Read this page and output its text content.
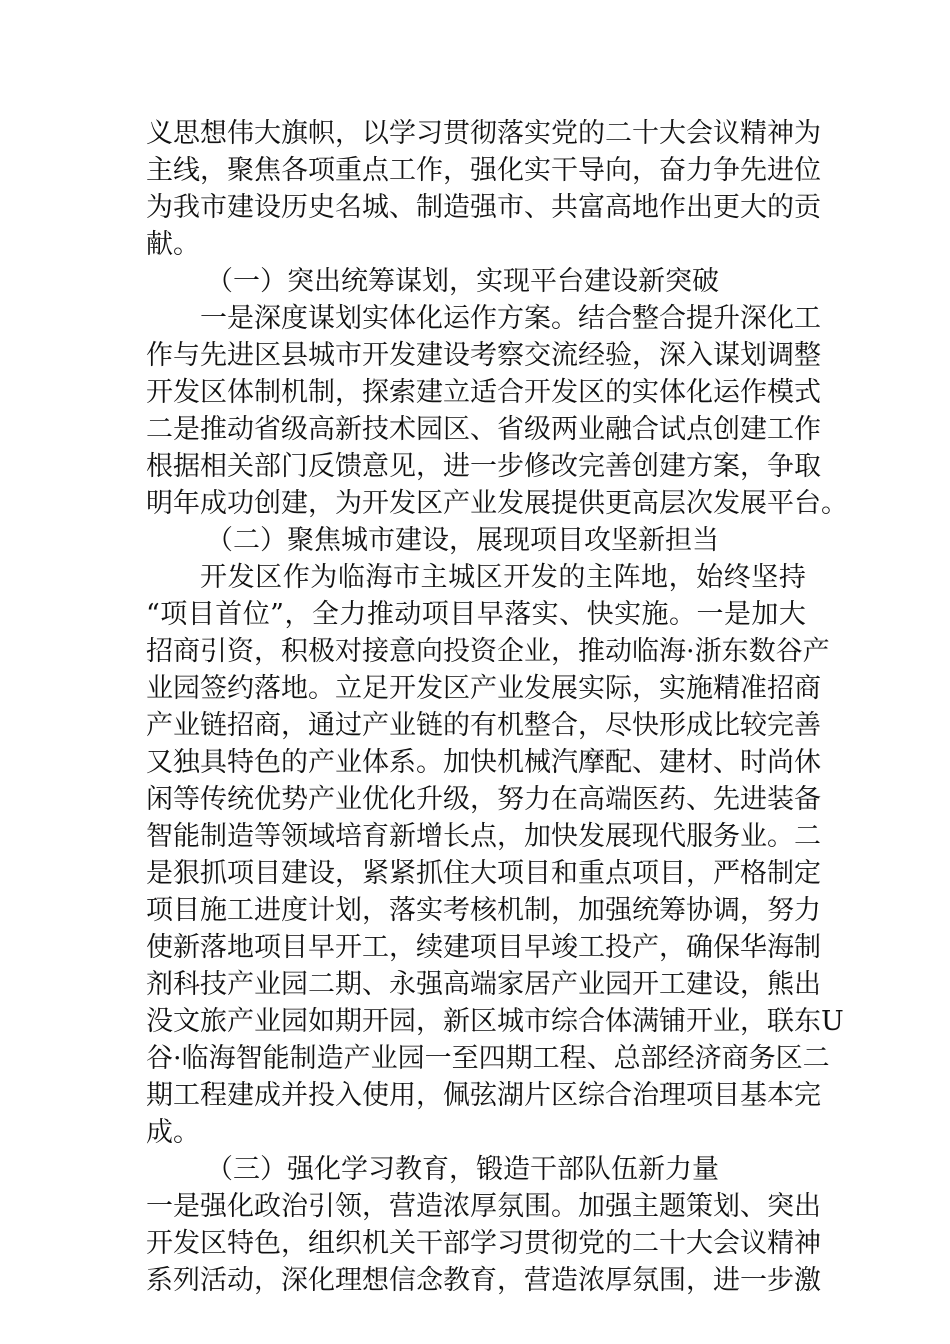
义 思 想 伟 大 旗 帜 ， 以 学 习 贯 彻 落 实 党 的 二 十 大 会 议 精 神 为
主 线 ， 聚 焦 各 项 重 点 工 作 ， 强 化 实 干 导 向 ， 奋 力 争 先 进 位
为 我 市 建 设 历 史 名 城 、 制 造 强 市 、 共 富 高 地 作 出 更 大 的 贡
献。
（一）突出统筹谋划，实现平台建设新突破
一 是 深 度 谋 划 实 体 化 运 作 方 案 。 结 合 整 合 提 升 深 化 工
作 与 先 进 区 县 城 市 开 发 建 设 考 察 交 流 经 验 ， 深 入 谋 划 调 整
开 发 区 体 制 机 制 ， 探 索 建 立 适 合 开 发 区 的 实 体 化 运 作 模 式
二 是 推 动 省 级 高 新 技 术 园 区 、 省 级 两 业 融 合 试 点 创 建 工 作
根 据 相 关 部 门 反 馈 意 见 ， 进 一 步 修 改 完 善 创 建 方 案 ， 争 取
明 年 成 功 创 建 ， 为 开 发 区 产 业 发 展 提 供 更 高 层 次 发 展 平 台 。
（二）聚焦城市建设，展现项目攻坚新担当
开 发 区 作 为 临 海 市 主 城 区 开 发 的 主 阵 地 ， 始 终 坚 持
“ 项 目 首 位 ” ， 全 力 推 动 项 目 早 落 实 、 快 实 施 。 一 是 加 大
招 商 引 资 ， 积 极 对 接 意 向 投 资 企 业 ， 推 动 临 海 · 浙 东 数 谷 产
业 园 签 约 落 地 。 立 足 开 发 区 产 业 发 展 实 际 ， 实 施 精 准 招 商
产 业 链 招 商 ， 通 过 产 业 链 的 有 机 整 合 ， 尽 快 形 成 比 较 完 善
又 独 具 特 色 的 产 业 体 系 。 加 快 机 械 汽 摩 配 、 建 材 、 时 尚 休
闲 等 传 统 优 势 产 业 优 化 升 级 ， 努 力 在 高 端 医 药 、 先 进 装 备
智 能 制 造 等 领 域 培 育 新 增 长 点 ， 加 快 发 展 现 代 服 务 业 。 二
是 狠 抓 项 目 建 设 ， 紧 紧 抓 住 大 项 目 和 重 点 项 目 ， 严 格 制 定
项 目 施 工 进 度 计 划 ， 落 实 考 核 机 制 ， 加 强 统 筹 协 调 ， 努 力
使 新 落 地 项 目 早 开 工 ， 续 建 项 目 早 竣 工 投 产 ， 确 保 华 海 制
剂 科 技 产 业 园 二 期 、 永 强 高 端 家 居 产 业 园 开 工 建 设 ， 熊 出
没 文 旅 产 业 园 如 期 开 园 ， 新 区 城 市 综 合 体 满 铺 开 业 ， 联 东 U
谷 · 临 海 智 能 制 造 产 业 园 一 至 四 期 工 程 、 总 部 经 济 商 务 区 二
期 工 程 建 成 并 投 入 使 用 ， 佩 弦 湖 片 区 综 合 治 理 项 目 基 本 完
成。
（三）强化学习教育，锻造干部队伍新力量
一 是 强 化 政 治 引 领 ， 营 造 浓 厚 氛 围 。 加 强 主 题 策 划 、 突 出
开 发 区 特 色 ， 组 织 机 关 干 部 学 习 贯 彻 党 的 二 十 大 会 议 精 神
系 列 活 动 ， 深 化 理 想 信 念 教 育 ， 营 造 浓 厚 氛 围 ， 进 一 步 激
